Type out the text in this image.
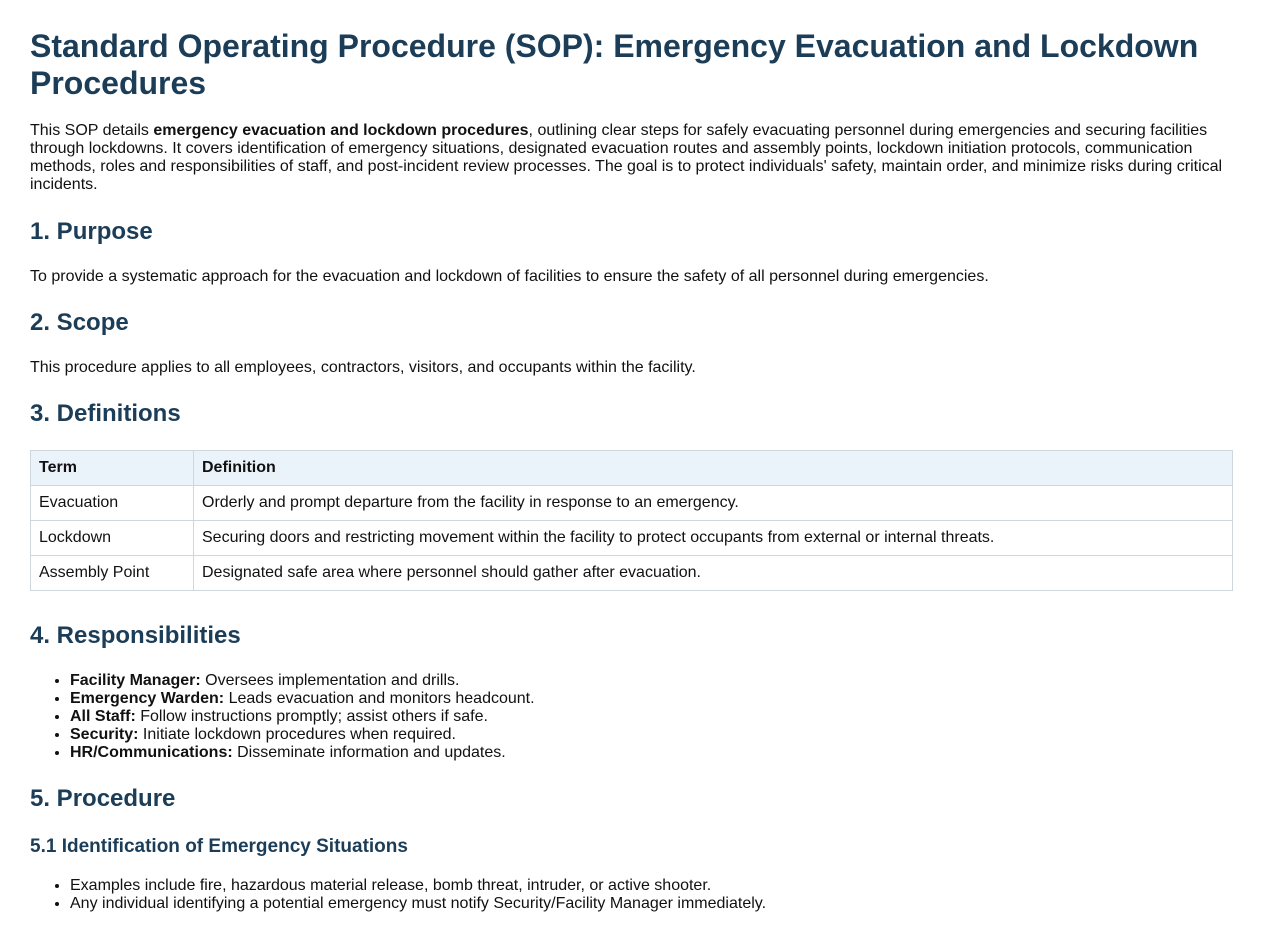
Standard Operating Procedure (SOP): Emergency Evacuation and Lockdown Procedures

This SOP details emergency evacuation and lockdown procedures, outlining clear steps for safely evacuating personnel during emergencies and securing facilities through lockdowns. It covers identification of emergency situations, designated evacuation routes and assembly points, lockdown initiation protocols, communication methods, roles and responsibilities of staff, and post-incident review processes. The goal is to protect individuals' safety, maintain order, and minimize risks during critical incidents.

1. Purpose

To provide a systematic approach for the evacuation and lockdown of facilities to ensure the safety of all personnel during emergencies.

2. Scope

This procedure applies to all employees, contractors, visitors, and occupants within the facility.

3. Definitions
Term	Definition
Evacuation	Orderly and prompt departure from the facility in response to an emergency.
Lockdown	Securing doors and restricting movement within the facility to protect occupants from external or internal threats.
Assembly Point	Designated safe area where personnel should gather after evacuation.
4. Responsibilities
• Facility Manager: Oversees implementation and drills.
• Emergency Warden: Leads evacuation and monitors headcount.
• All Staff: Follow instructions promptly; assist others if safe.
• Security: Initiate lockdown procedures when required.
• HR/Communications: Disseminate information and updates.
5. Procedure
5.1 Identification of Emergency Situations
• Examples include fire, hazardous material release, bomb threat, intruder, or active shooter.
• Any individual identifying a potential emergency must notify Security/Facility Manager immediately.
